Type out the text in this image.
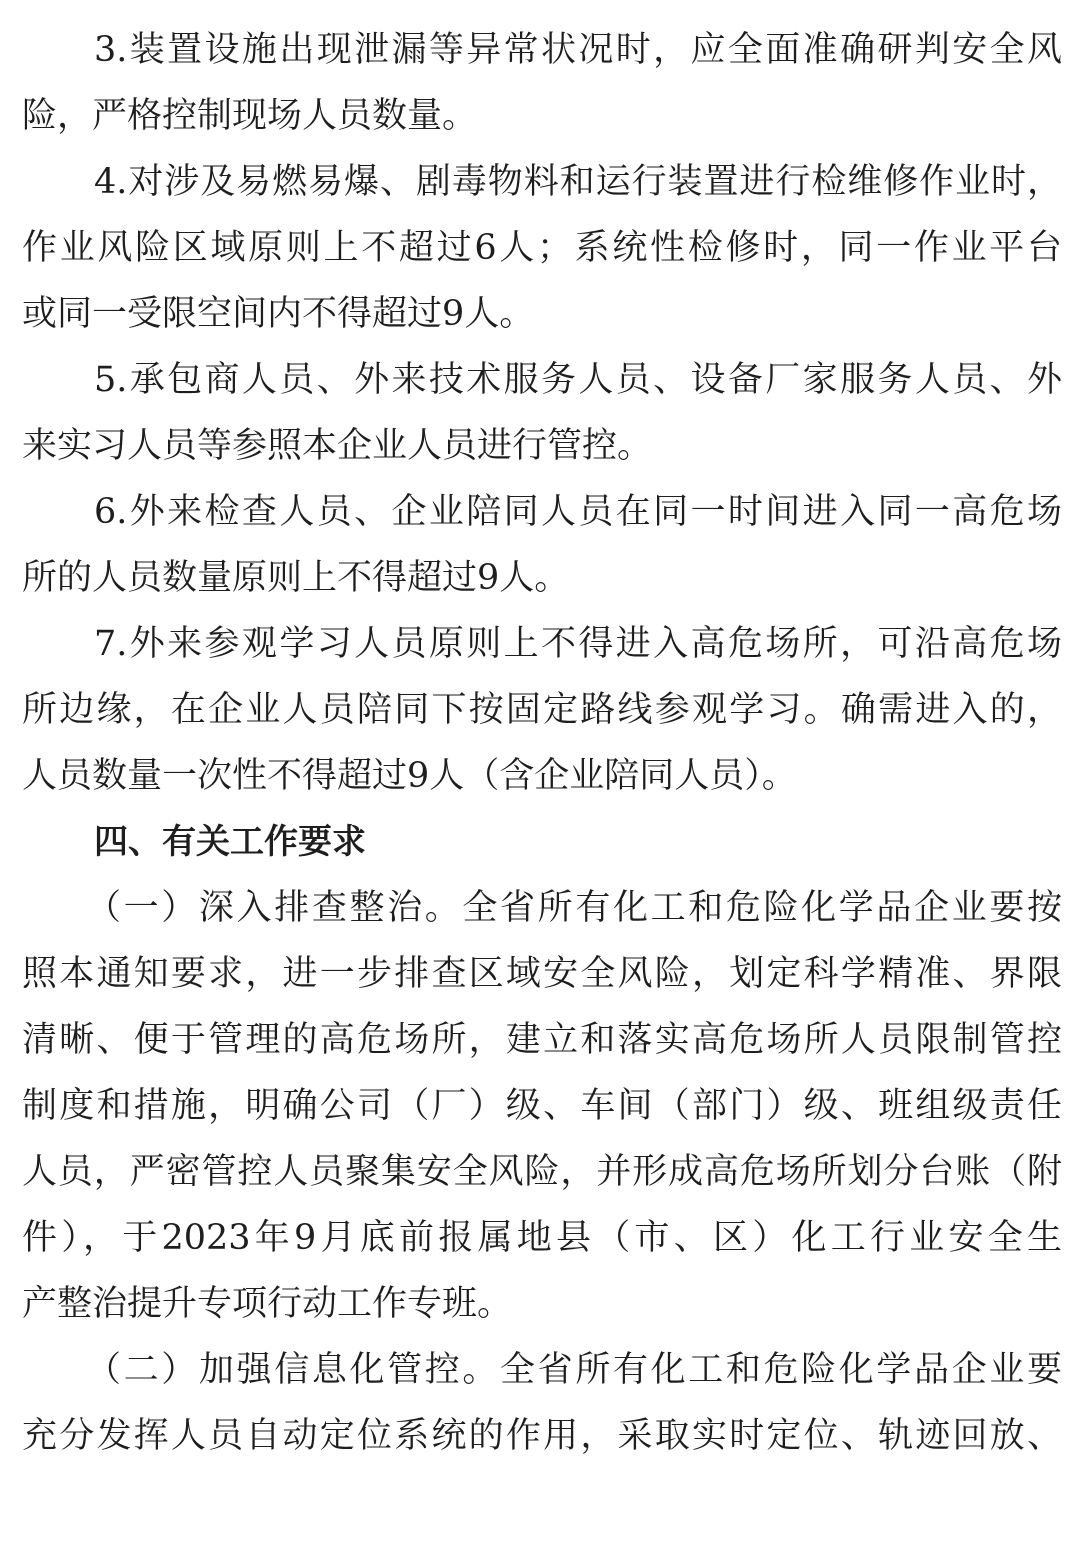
3.装置设施出现泄漏等异常状况时，应全面准确研判安全风
险，严格控制现场人员数量。
4.对涉及易燃易爆、剧毒物料和运行装置进行检维修作业时，
作业风险区域原则上不超过6人；系统性检修时，同一作业平台
或同一受限空间内不得超过9人。
5.承包商人员、外来技术服务人员、设备厂家服务人员、外
来实习人员等参照本企业人员进行管控。
6.外来检查人员、企业陪同人员在同一时间进入同一高危场
所的人员数量原则上不得超过9人。
7.外来参观学习人员原则上不得进入高危场所，可沿高危场
所边缘，在企业人员陪同下按固定路线参观学习。确需进入的，
人员数量一次性不得超过9人（含企业陪同人员）。
四、有关工作要求
（一）深入排查整治。全省所有化工和危险化学品企业要按
照本通知要求，进一步排查区域安全风险，划定科学精准、界限
清晰、便于管理的高危场所，建立和落实高危场所人员限制管控
制度和措施，明确公司（厂）级、车间（部门）级、班组级责任
人员，严密管控人员聚集安全风险，并形成高危场所划分台账（附
件），于2023年9月底前报属地县（市、区）化工行业安全生
产整治提升专项行动工作专班。
（二）加强信息化管控。全省所有化工和危险化学品企业要
充分发挥人员自动定位系统的作用，采取实时定位、轨迹回放、
